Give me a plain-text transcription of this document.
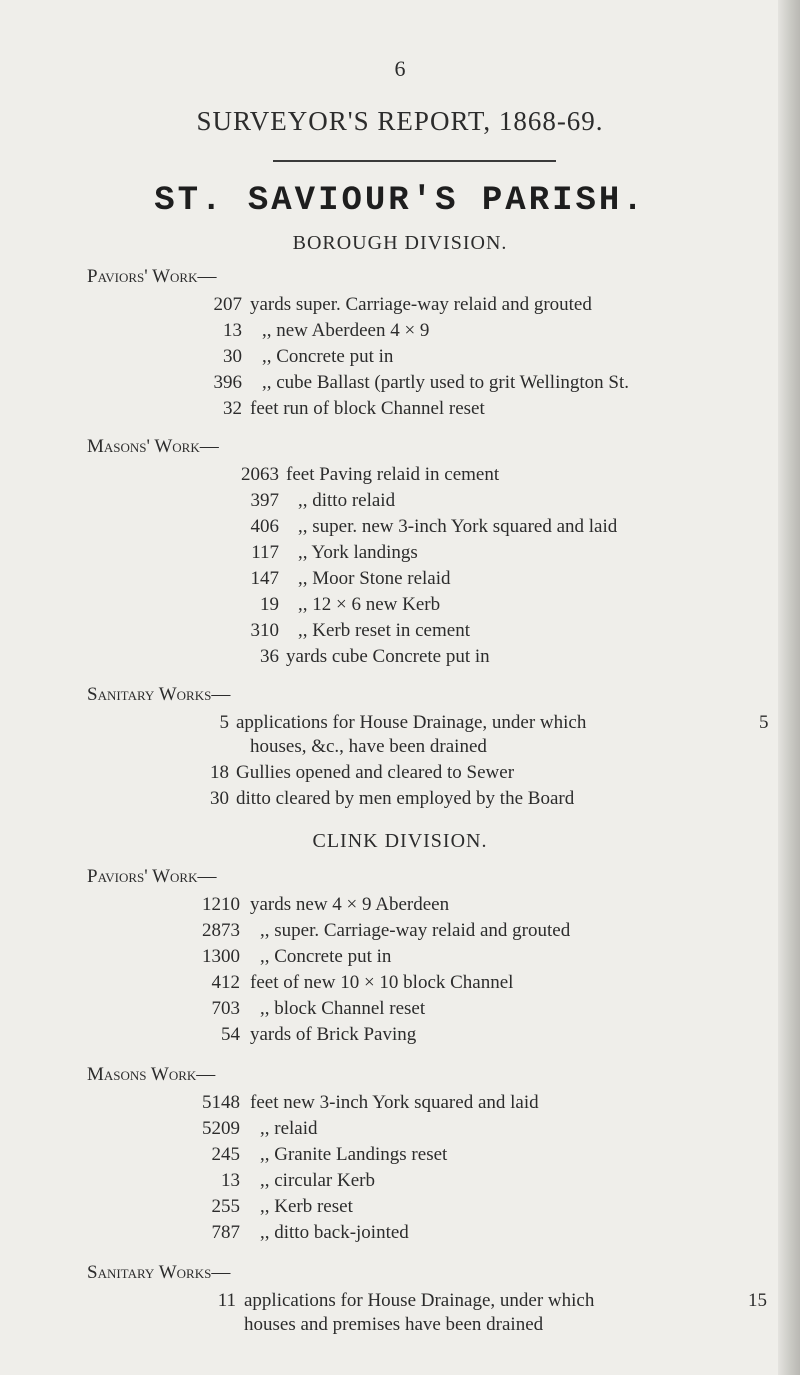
6
SURVEYOR'S REPORT, 1868-69.
ST. SAVIOUR'S PARISH.
BOROUGH DIVISION.
Paviors' Work—
207 yards super. Carriage-way relaid and grouted
13 ,, new Aberdeen 4 × 9
30 ,, Concrete put in
396 ,, cube Ballast (partly used to grit Wellington St.
32 feet run of block Channel reset
Masons' Work—
2063 feet Paving relaid in cement
397 ,, ditto relaid
406 ,, super. new 3-inch York squared and laid
117 ,, York landings
147 ,, Moor Stone relaid
19 ,, 12 × 6 new Kerb
310 ,, Kerb reset in cement
36 yards cube Concrete put in
Sanitary Works—
5 applications for House Drainage, under which	5
houses, &c., have been drained
18 Gullies opened and cleared to Sewer
30 ditto cleared by men employed by the Board
CLINK DIVISION.
Paviors' Work—
1210 yards new 4 × 9 Aberdeen
2873 ,, super. Carriage-way relaid and grouted
1300 ,, Concrete put in
412 feet of new 10 × 10 block Channel
703 ,, block Channel reset
54 yards of Brick Paving
Masons Work—
5148 feet new 3-inch York squared and laid
5209 ,, relaid
245 ,, Granite Landings reset
13 ,, circular Kerb
255 ,, Kerb reset
787 ,, ditto back-jointed
Sanitary Works—
11 applications for House Drainage, under which	15
houses and premises have been drained
